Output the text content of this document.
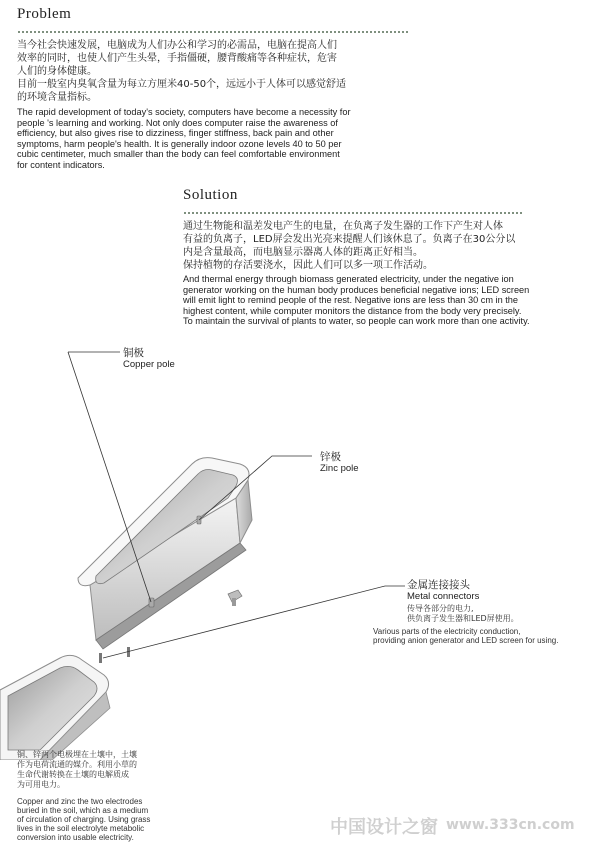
Problem
当今社会快速发展，电脑成为人们办公和学习的必需品，电脑在提高人们
效率的同时，也使人们产生头晕，手指僵硬，腰背酸痛等各种症状，危害
人们的身体健康。
目前一般室内臭氧含量为每立方厘米40-50个，远远小于人体可以感觉舒适
的环境含量指标。
The rapid development of today's society, computers have become a necessity for
people 's learning and working. Not only does computer raise the awareness of
efficiency, but also gives rise to dizziness, finger stiffness, back pain and other
symptoms, harm people's health. It is generally indoor ozone levels 40 to 50 per
cubic centimeter, much smaller than the body can feel comfortable environment
for content indicators.
Solution
通过生物能和温差发电产生的电量，在负离子发生器的工作下产生对人体
有益的负离子，LED屏会发出光亮来提醒人们该休息了。负离子在30公分以
内是含量最高，而电脑显示器离人体的距离正好相当。
保持植物的存活要浇水，因此人们可以多一项工作活动。
And thermal energy through biomass generated electricity, under the negative ion
generator working on the human body produces beneficial negative ions; LED screen
will emit light to remind people of the rest. Negative ions are less than 30 cm in the
highest content, while computer monitors the distance from the body very precisely.
To maintain the survival of plants to water, so people can work more than one activity.
铜极
Copper pole
锌极
Zinc pole
金属连接接头
Metal connectors
传导各部分的电力,
供负离子发生器和LED屏使用。
Various parts of the electricity conduction,
providing anion generator and LED screen for using.
铜、锌两个电极埋在土壤中，土壤
作为电荷流通的媒介。利用小草的
生命代谢转换在土壤的电解质成
为可用电力。
Copper and zinc the two electrodes
buried in the soil, which as a medium
of circulation of charging. Using grass
lives in the soil electrolyte metabolic
conversion into usable electricity.	中国设计之窗 www.333cn.com
